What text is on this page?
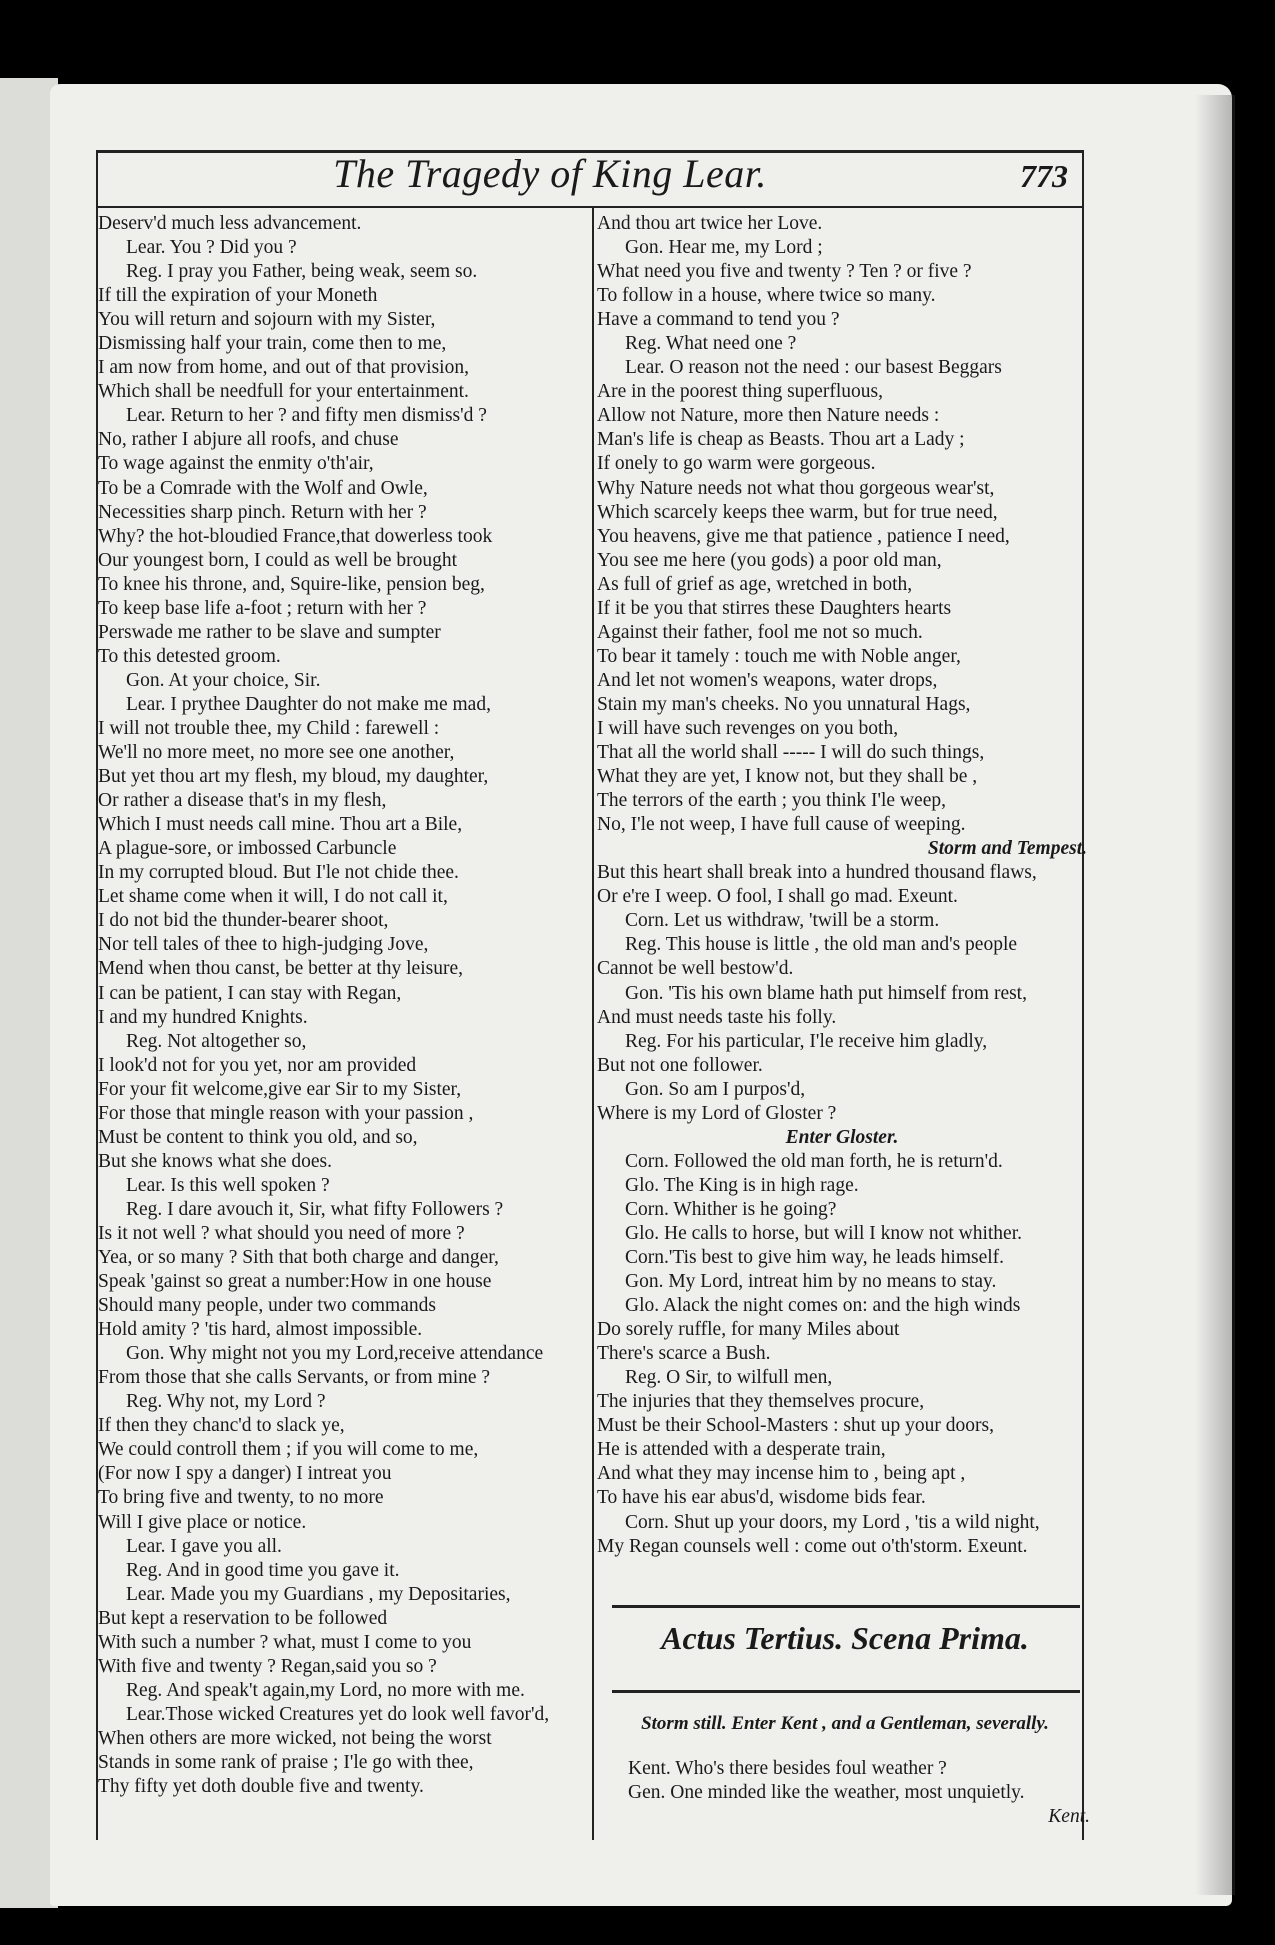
The Tragedy of King Lear.	773
Deserv'd much less advancement.
Lear. You ? Did you ?
Reg. I pray you Father, being weak, seem so.
If till the expiration of your Moneth
You will return and sojourn with my Sister,
Dismissing half your train, come then to me,
I am now from home, and out of that provision,
Which shall be needfull for your entertainment.
Lear. Return to her ? and fifty men dismiss'd ?
No, rather I abjure all roofs, and chuse
To wage against the enmity o'th'air,
To be a Comrade with the Wolf and Owle,
Necessities sharp pinch. Return with her ?
Why? the hot-bloudied France,that dowerless took
Our youngest born, I could as well be brought
To knee his throne, and, Squire-like, pension beg,
To keep base life a-foot ; return with her ?
Perswade me rather to be slave and sumpter
To this detested groom.
Gon. At your choice, Sir.
Lear. I prythee Daughter do not make me mad,
I will not trouble thee, my Child : farewell :
We'll no more meet, no more see one another,
But yet thou art my flesh, my bloud, my daughter,
Or rather a disease that's in my flesh,
Which I must needs call mine. Thou art a Bile,
A plague-sore, or imbossed Carbuncle
In my corrupted bloud. But I'le not chide thee.
Let shame come when it will, I do not call it,
I do not bid the thunder-bearer shoot,
Nor tell tales of thee to high-judging Jove,
Mend when thou canst, be better at thy leisure,
I can be patient, I can stay with Regan,
I and my hundred Knights.
Reg. Not altogether so,
I look'd not for you yet, nor am provided
For your fit welcome,give ear Sir to my Sister,
For those that mingle reason with your passion ,
Must be content to think you old, and so,
But she knows what she does.
Lear. Is this well spoken ?
Reg. I dare avouch it, Sir, what fifty Followers ?
Is it not well ? what should you need of more ?
Yea, or so many ? Sith that both charge and danger,
Speak 'gainst so great a number:How in one house
Should many people, under two commands
Hold amity ? 'tis hard, almost impossible.
Gon. Why might not you my Lord,receive attendance
From those that she calls Servants, or from mine ?
Reg. Why not, my Lord ?
If then they chanc'd to slack ye,
We could controll them ; if you will come to me,
(For now I spy a danger) I intreat you
To bring five and twenty, to no more
Will I give place or notice.
Lear. I gave you all.
Reg. And in good time you gave it.
Lear. Made you my Guardians , my Depositaries,
But kept a reservation to be followed
With such a number ? what, must I come to you
With five and twenty ? Regan,said you so ?
Reg. And speak't again,my Lord, no more with me.
Lear.Those wicked Creatures yet do look well favor'd,
When others are more wicked, not being the worst
Stands in some rank of praise ; I'le go with thee,
Thy fifty yet doth double five and twenty.
And thou art twice her Love.
Gon. Hear me, my Lord ;
What need you five and twenty ? Ten ? or five ?
To follow in a house, where twice so many.
Have a command to tend you ?
Reg. What need one ?
Lear. O reason not the need : our basest Beggars
Are in the poorest thing superfluous,
Allow not Nature, more then Nature needs :
Man's life is cheap as Beasts. Thou art a Lady ;
If onely to go warm were gorgeous.
Why Nature needs not what thou gorgeous wear'st,
Which scarcely keeps thee warm, but for true need,
You heavens, give me that patience , patience I need,
You see me here (you gods) a poor old man,
As full of grief as age, wretched in both,
If it be you that stirres these Daughters hearts
Against their father, fool me not so much.
To bear it tamely : touch me with Noble anger,
And let not women's weapons, water drops,
Stain my man's cheeks. No you unnatural Hags,
I will have such revenges on you both,
That all the world shall ----- I will do such things,
What they are yet, I know not, but they shall be ,
The terrors of the earth ; you think I'le weep,
No, I'le not weep, I have full cause of weeping.
Storm and Tempest.
But this heart shall break into a hundred thousand flaws,
Or e're I weep. O fool, I shall go mad. Exeunt.
Corn. Let us withdraw, 'twill be a storm.
Reg. This house is little , the old man and's people
Cannot be well bestow'd.
Gon. 'Tis his own blame hath put himself from rest,
And must needs taste his folly.
Reg. For his particular, I'le receive him gladly,
But not one follower.
Gon. So am I purpos'd,
Where is my Lord of Gloster ?
Enter Gloster.
Corn. Followed the old man forth, he is return'd.
Glo. The King is in high rage.
Corn. Whither is he going?
Glo. He calls to horse, but will I know not whither.
Corn.'Tis best to give him way, he leads himself.
Gon. My Lord, intreat him by no means to stay.
Glo. Alack the night comes on: and the high winds
Do sorely ruffle, for many Miles about
There's scarce a Bush.
Reg. O Sir, to wilfull men,
The injuries that they themselves procure,
Must be their School-Masters : shut up your doors,
He is attended with a desperate train,
And what they may incense him to , being apt ,
To have his ear abus'd, wisdome bids fear.
Corn. Shut up your doors, my Lord , 'tis a wild night,
My Regan counsels well : come out o'th'storm. Exeunt.
Actus Tertius. Scena Prima.
Storm still. Enter Kent , and a Gentleman, severally.
Kent. Who's there besides foul weather ?
Gen. One minded like the weather, most unquietly.
Kent.
